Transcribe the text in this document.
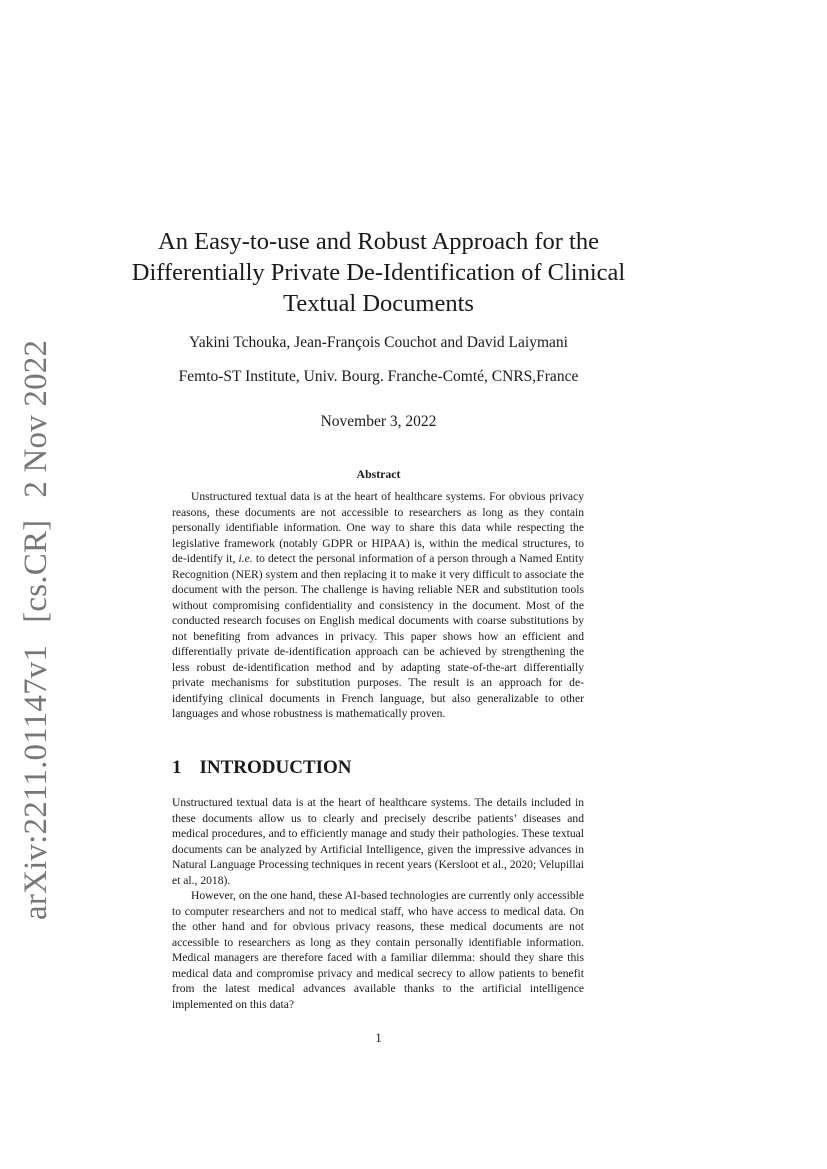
arXiv:2211.01147v1[cs.CR]2 Nov 2022
An Easy-to-use and Robust Approach for the Differentially Private De-Identification of Clinical Textual Documents
Yakini Tchouka, Jean-François Couchot and David Laiymani
Femto-ST Institute, Univ. Bourg. Franche-Comté, CNRS,France
November 3, 2022
Abstract

Unstructured textual data is at the heart of healthcare systems. For obvious privacy reasons, these documents are not accessible to researchers as long as they contain personally identifiable information. One way to share this data while respecting the legislative framework (notably GDPR or HIPAA) is, within the medical structures, to de-identify it, i.e. to detect the personal information of a person through a Named Entity Recognition (NER) system and then replacing it to make it very difficult to associate the document with the person. The challenge is having reliable NER and substitution tools without compromising confidentiality and consistency in the document. Most of the conducted research focuses on English medical documents with coarse substitutions by not benefiting from advances in privacy. This paper shows how an efficient and differentially private de-identification approach can be achieved by strengthening the less robust de-identification method and by adapting state-of-the-art differentially private mechanisms for substitution purposes. The result is an approach for de-identifying clinical documents in French language, but also generalizable to other languages and whose robustness is mathematically proven.

1 INTRODUCTION

Unstructured textual data is at the heart of healthcare systems. The details included in these documents allow us to clearly and precisely describe patients’ diseases and medical procedures, and to efficiently manage and study their pathologies. These textual documents can be analyzed by Artificial Intelligence, given the impressive advances in Natural Language Processing techniques in recent years (Kersloot et al., 2020; Velupillai et al., 2018).

However, on the one hand, these AI-based technologies are currently only accessible to computer researchers and not to medical staff, who have access to medical data. On the other hand and for obvious privacy reasons, these medical documents are not accessible to researchers as long as they contain personally identifiable information. Medical managers are therefore faced with a familiar dilemma: should they share this medical data and compromise privacy and medical secrecy to allow patients to benefit from the latest medical advances available thanks to the artificial intelligence implemented on this data?

1
